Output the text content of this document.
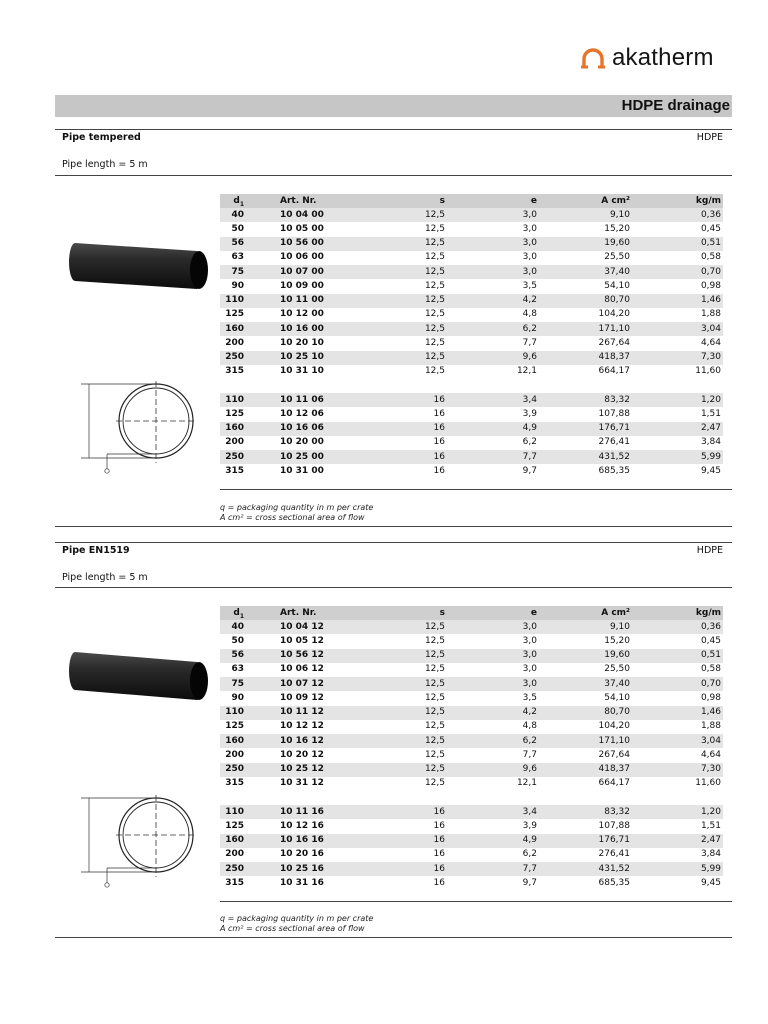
akatherm
HDPE drainage
Pipe tempered	HDPE
Pipe length = 5 m
$d_1$	Art. Nr.	s	e	A cm²	kg/m
40	10 04 00	12,5	3,0	9,10	0,36
50	10 05 00	12,5	3,0	15,20	0,45
56	10 56 00	12,5	3,0	19,60	0,51
63	10 06 00	12,5	3,0	25,50	0,58
75	10 07 00	12,5	3,0	37,40	0,70
90	10 09 00	12,5	3,5	54,10	0,98
110	10 11 00	12,5	4,2	80,70	1,46
125	10 12 00	12,5	4,8	104,20	1,88
160	10 16 00	12,5	6,2	171,10	3,04
200	10 20 10	12,5	7,7	267,64	4,64
250	10 25 10	12,5	9,6	418,37	7,30
315	10 31 10	12,5	12,1	664,17	11,60
110	10 11 06	16	3,4	83,32	1,20
125	10 12 06	16	3,9	107,88	1,51
160	10 16 06	16	4,9	176,71	2,47
200	10 20 00	16	6,2	276,41	3,84
250	10 25 00	16	7,7	431,52	5,99
315	10 31 00	16	9,7	685,35	9,45
q = packaging quantity in m per crate
A cm² = cross sectional area of flow
Pipe EN1519	HDPE
Pipe length = 5 m
$d_1$	Art. Nr.	s	e	A cm²	kg/m
40	10 04 12	12,5	3,0	9,10	0,36
50	10 05 12	12,5	3,0	15,20	0,45
56	10 56 12	12,5	3,0	19,60	0,51
63	10 06 12	12,5	3,0	25,50	0,58
75	10 07 12	12,5	3,0	37,40	0,70
90	10 09 12	12,5	3,5	54,10	0,98
110	10 11 12	12,5	4,2	80,70	1,46
125	10 12 12	12,5	4,8	104,20	1,88
160	10 16 12	12,5	6,2	171,10	3,04
200	10 20 12	12,5	7,7	267,64	4,64
250	10 25 12	12,5	9,6	418,37	7,30
315	10 31 12	12,5	12,1	664,17	11,60
110	10 11 16	16	3,4	83,32	1,20
125	10 12 16	16	3,9	107,88	1,51
160	10 16 16	16	4,9	176,71	2,47
200	10 20 16	16	6,2	276,41	3,84
250	10 25 16	16	7,7	431,52	5,99
315	10 31 16	16	9,7	685,35	9,45
q = packaging quantity in m per crate
A cm² = cross sectional area of flow
